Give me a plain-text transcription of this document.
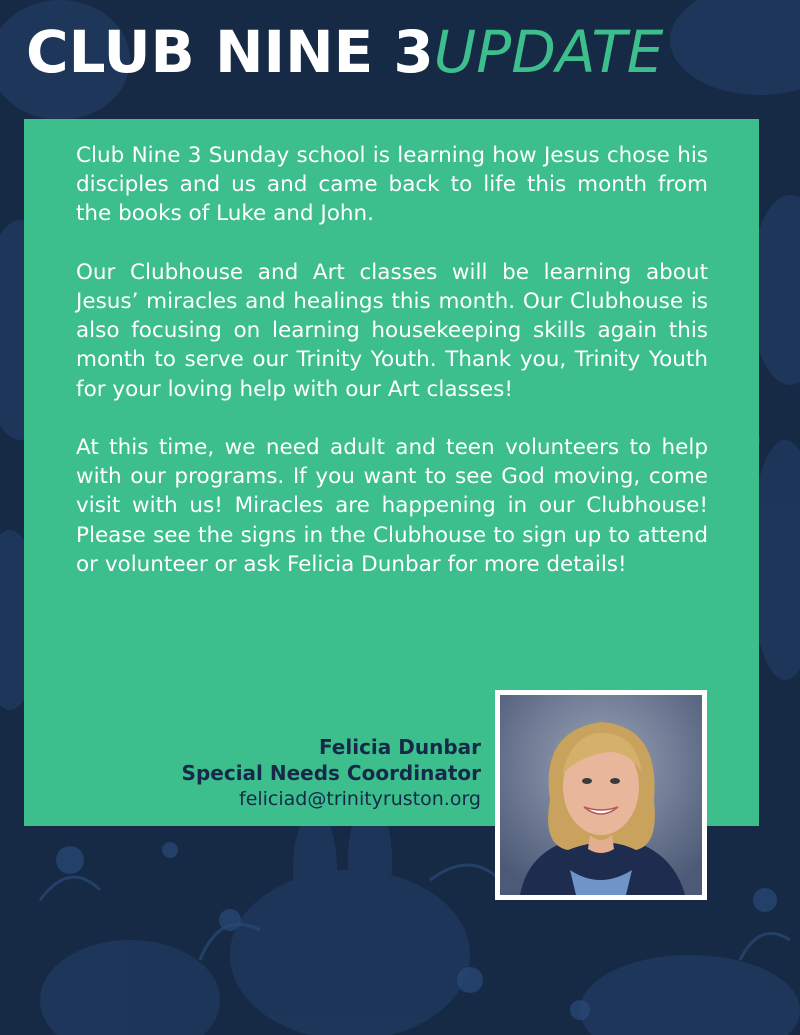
CLUB NINE 3UPDATE

Club Nine 3 Sunday school is learning how Jesus chose his disciples and us and came back to life this month from the books of Luke and John.

Our Clubhouse and Art classes will be learning about Jesus’ miracles and healings this month. Our Clubhouse is also focusing on learning housekeeping skills again this month to serve our Trinity Youth. Thank you, Trinity Youth for your loving help with our Art classes!

At this time, we need adult and teen volunteers to help with our programs. If you want to see God moving, come visit with us! Miracles are happening in our Clubhouse! Please see the signs in the Clubhouse to sign up to attend or volunteer or ask Felicia Dunbar for more details!

Felicia Dunbar
Special Needs Coordinator
feliciad@trinityruston.org
